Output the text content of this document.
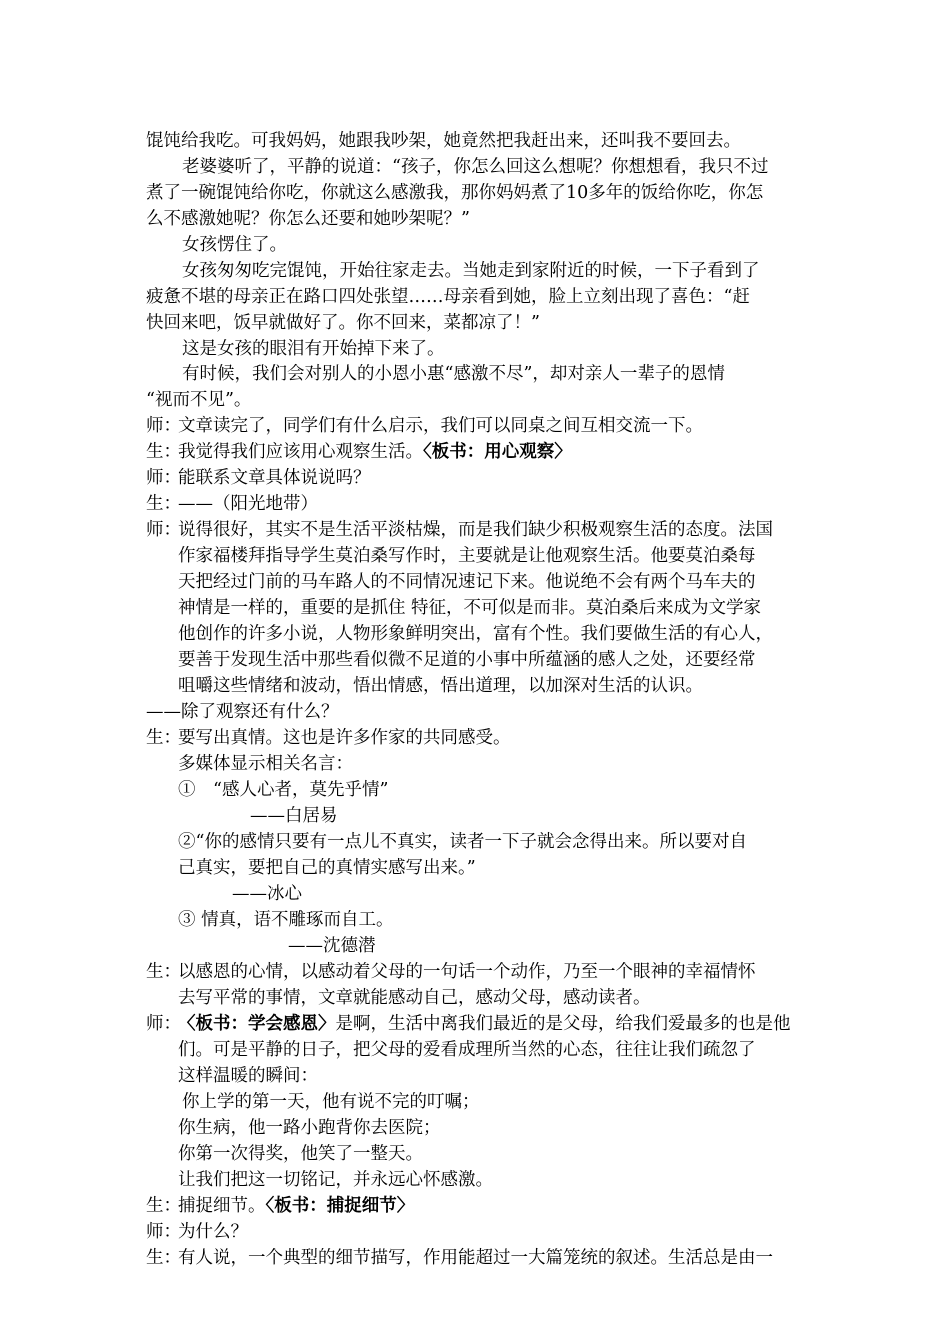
馄饨给我吃。可我妈妈，她跟我吵架，她竟然把我赶出来，还叫我不要回去。
老婆婆听了，平静的说道：“孩子，你怎么回这么想呢？你想想看，我只不过
煮了一碗馄饨给你吃，你就这么感激我，那你妈妈煮了10多年的饭给你吃，你怎
么不感激她呢？你怎么还要和她吵架呢？”
女孩愣住了。
女孩匆匆吃完馄饨，开始往家走去。当她走到家附近的时候，一下子看到了
疲惫不堪的母亲正在路口四处张望……母亲看到她，脸上立刻出现了喜色：“赶
快回来吧，饭早就做好了。你不回来，菜都凉了！”
这是女孩的眼泪有开始掉下来了。
有时候，我们会对别人的小恩小惠“感激不尽”，却对亲人一辈子的恩情
“视而不见”。
师：文章读完了，同学们有什么启示，我们可以同桌之间互相交流一下。
生：我觉得我们应该用心观察生活。〈板书：用心观察〉
师：能联系文章具体说说吗？
生：——（阳光地带）
师：说得很好，其实不是生活平淡枯燥，而是我们缺少积极观察生活的态度。法国
作家福楼拜指导学生莫泊桑写作时，主要就是让他观察生活。他要莫泊桑每
天把经过门前的马车路人的不同情况速记下来。他说绝不会有两个马车夫的
神情是一样的，重要的是抓住 特征，不可似是而非。莫泊桑后来成为文学家
他创作的许多小说，人物形象鲜明突出，富有个性。我们要做生活的有心人，
要善于发现生活中那些看似微不足道的小事中所蕴涵的感人之处，还要经常
咀嚼这些情绪和波动，悟出情感，悟出道理，以加深对生活的认识。
——除了观察还有什么？
生：要写出真情。这也是许多作家的共同感受。
多媒体显示相关名言：
①　“感人心者，莫先乎情”
——白居易
②“你的感情只要有一点儿不真实，读者一下子就会念得出来。所以要对自
己真实，要把自己的真情实感写出来。”
——冰心
③ 情真，语不雕琢而自工。
——沈德潜
生：以感恩的心情，以感动着父母的一句话一个动作，乃至一个眼神的幸福情怀
去写平常的事情，文章就能感动自己，感动父母，感动读者。
师：〈板书：学会感恩〉是啊，生活中离我们最近的是父母，给我们爱最多的也是他
们。可是平静的日子，把父母的爱看成理所当然的心态，往往让我们疏忽了
这样温暖的瞬间：
你上学的第一天，他有说不完的叮嘱；
你生病，他一路小跑背你去医院；
你第一次得奖，他笑了一整天。
让我们把这一切铭记，并永远心怀感激。
生：捕捉细节。〈板书：捕捉细节〉
师：为什么？
生：有人说，一个典型的细节描写，作用能超过一大篇笼统的叙述。生活总是由一
